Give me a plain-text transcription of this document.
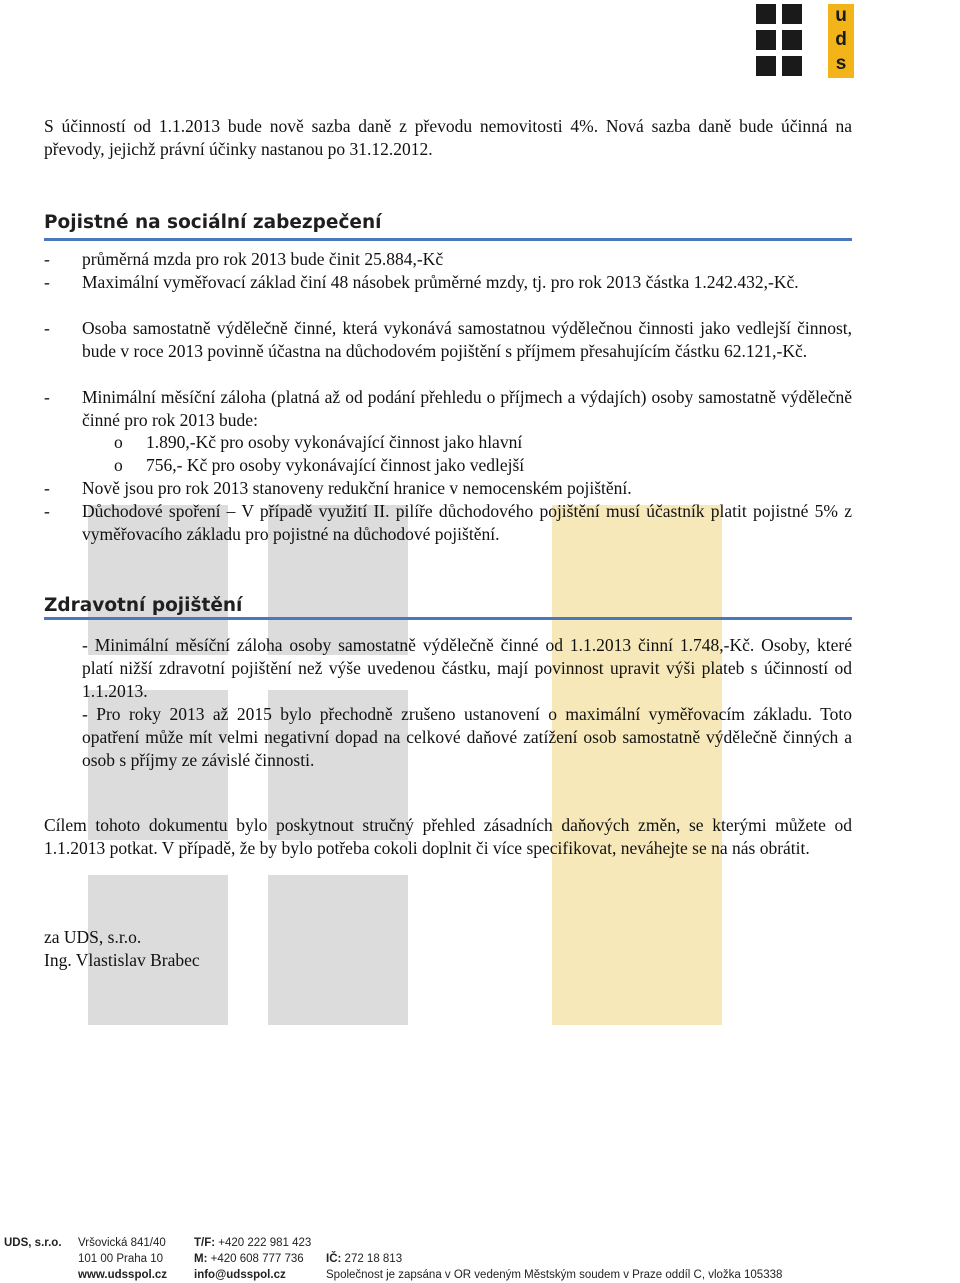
u
d
s
S účinností od 1.1.2013 bude nově sazba daně z převodu nemovitosti 4%. Nová sazba daně bude účinná na převody, jejichž právní účinky nastanou po 31.12.2012.
Pojistné na sociální zabezpečení
- průměrná mzda pro rok 2013 bude činit 25.884,-Kč
- Maximální vyměřovací základ činí 48 násobek průměrné mzdy, tj. pro rok 2013 částka 1.242.432,-Kč.
- Osoba samostatně výdělečně činné, která vykonává samostatnou výdělečnou činnosti jako vedlejší činnost, bude v roce 2013 povinně účastna na důchodovém pojištění s příjmem přesahujícím částku 62.121,-Kč.
- Minimální měsíční záloha (platná až od podání přehledu o příjmech a výdajích) osoby samostatně výdělečně činné pro rok 2013 bude:
o 1.890,-Kč pro osoby vykonávající činnost jako hlavní
o 756,- Kč pro osoby vykonávající činnost jako vedlejší
- Nově jsou pro rok 2013 stanoveny redukční hranice v nemocenském pojištění.
- Důchodové spoření – V případě využití II. pilíře důchodového pojištění musí účastník platit pojistné 5% z vyměřovacího základu pro pojistné na důchodové pojištění.
Zdravotní pojištění
- Minimální měsíční záloha osoby samostatně výdělečně činné od 1.1.2013 činní 1.748,-Kč. Osoby, které platí nižší zdravotní pojištění než výše uvedenou částku, mají povinnost upravit výši plateb s účinností od 1.1.2013.
- Pro roky 2013 až 2015 bylo přechodně zrušeno ustanovení o maximální vyměřovacím základu. Toto opatření může mít velmi negativní dopad na celkové daňové zatížení osob samostatně výdělečně činných a osob s příjmy ze závislé činnosti.
Cílem tohoto dokumentu bylo poskytnout stručný přehled zásadních daňových změn, se kterými můžete od 1.1.2013 potkat. V případě, že by bylo potřeba cokoli doplnit či více specifikovat, neváhejte se na nás obrátit.
za UDS, s.r.o.
Ing. Vlastislav Brabec
UDS, s.r.o. Vršovická 841/40
101 00 Praha 10
www.udsspol.cz
T/F: +420 222 981 423
M: +420 608 777 736
info@udsspol.cz
IČ: 272 18 813
Společnost je zapsána v OR vedeným Městským soudem v Praze oddíl C, vložka 105338
